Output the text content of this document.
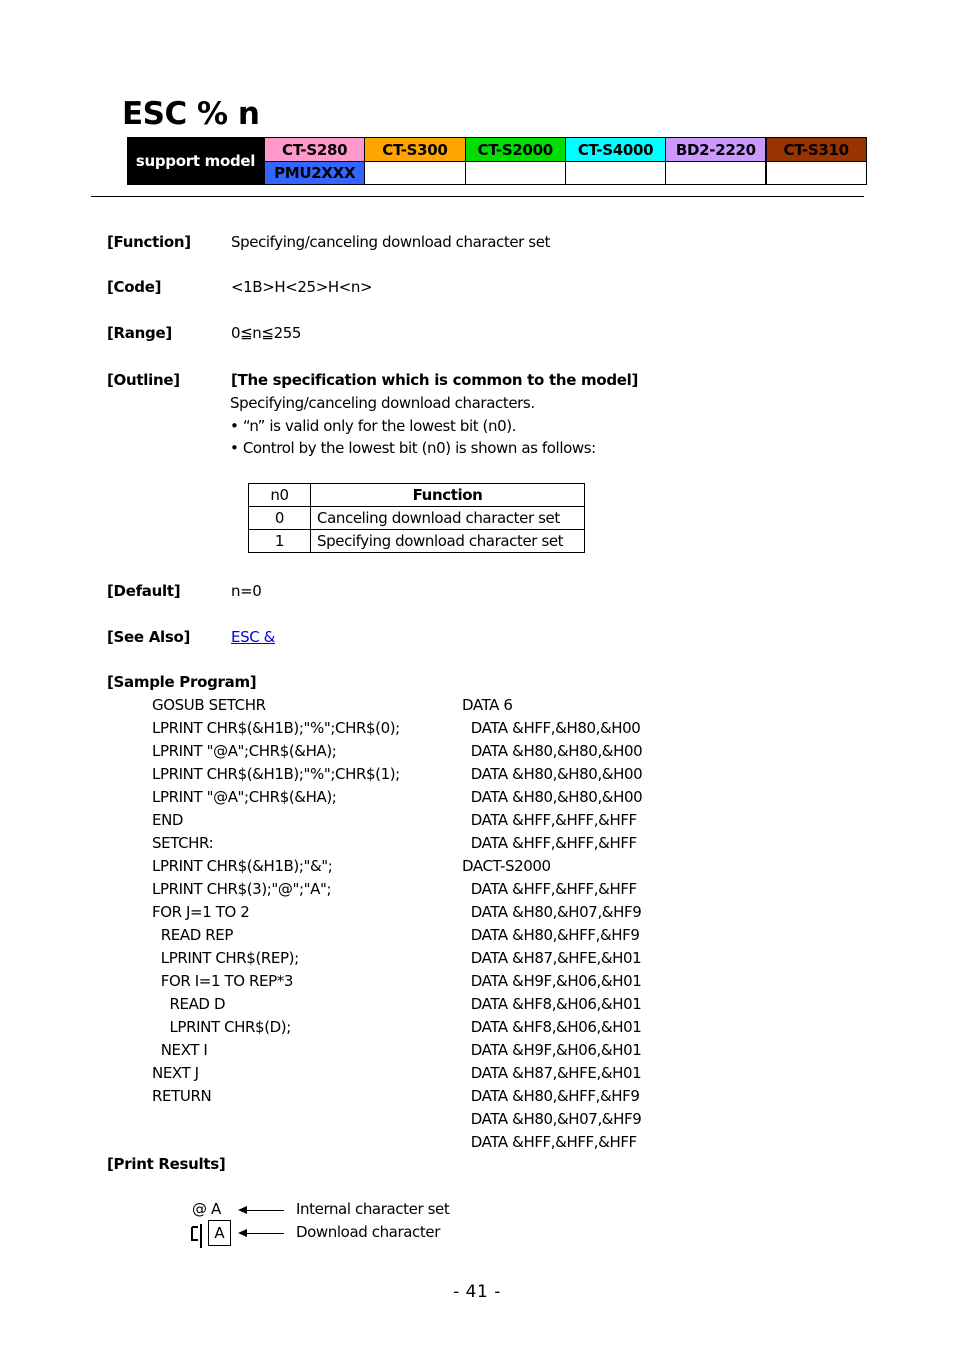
ESC % n
support model
CT-S280	CT-S300	CT-S2000	CT-S4000	BD2-2220	CT-S310
PMU2XXX
[Function]	Specifying/canceling download character set
[Code]	<1B>H<25>H<n>
[Range]	0≦n≦255
[Outline]	[The specification which is common to the model]
Specifying/canceling download characters.
• “n” is valid only for the lowest bit (n0).
• Control by the lowest bit (n0) is shown as follows:
n0	Function
0	Canceling download character set
1	Specifying download character set
[Default]	n=0
[See Also]	ESC &
[Sample Program]
GOSUB SETCHR
LPRINT CHR$(&H1B);"%";CHR$(0);
LPRINT "@A";CHR$(&HA);
LPRINT CHR$(&H1B);"%";CHR$(1);
LPRINT "@A";CHR$(&HA);
END
SETCHR:
LPRINT CHR$(&H1B);"&";
LPRINT CHR$(3);"@";"A";
FOR J=1 TO 2
READ REP
LPRINT CHR$(REP);
FOR I=1 TO REP*3
READ D
LPRINT CHR$(D);
NEXT I
NEXT J
RETURN
DATA 6
DATA &HFF,&H80,&H00
DATA &H80,&H80,&H00
DATA &H80,&H80,&H00
DATA &H80,&H80,&H00
DATA &HFF,&HFF,&HFF
DATA &HFF,&HFF,&HFF
DACT-S2000
DATA &HFF,&HFF,&HFF
DATA &H80,&H07,&HF9
DATA &H80,&HFF,&HF9
DATA &H87,&HFE,&H01
DATA &H9F,&H06,&H01
DATA &HF8,&H06,&H01
DATA &HF8,&H06,&H01
DATA &H9F,&H06,&H01
DATA &H87,&HFE,&H01
DATA &H80,&HFF,&HF9
DATA &H80,&H07,&HF9
DATA &HFF,&HFF,&HFF
[Print Results]
@ A	Internal character set
A	Download character
- 41 -
